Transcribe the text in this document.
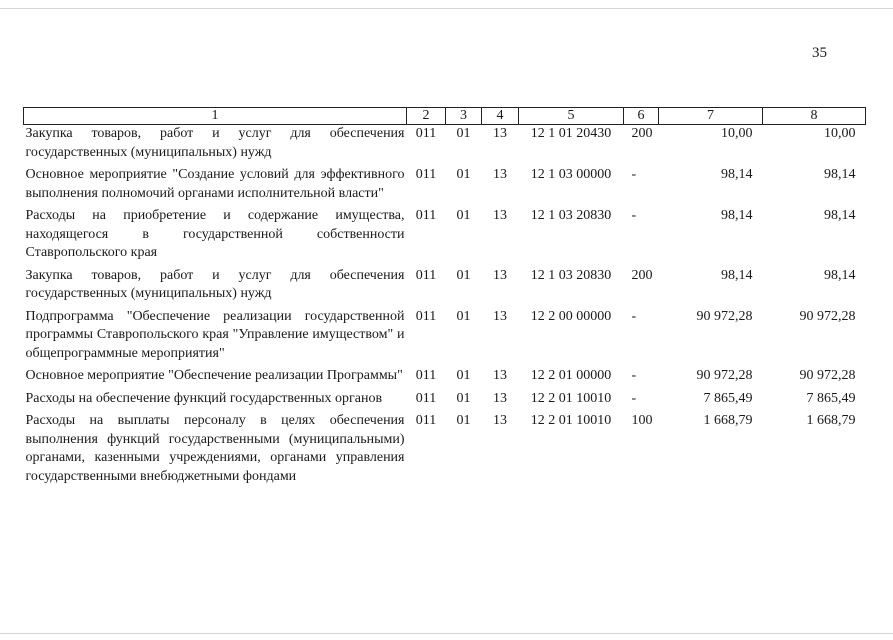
35
1	2	3	4	5	6	7	8
Закупка товаров, работ и услуг для обеспечения государственных (муниципальных) нужд	011	01	13	12 1 01 20430	200	10,00	10,00
Основное мероприятие "Создание условий для эффективного выполнения полномочий органами исполнительной власти"	011	01	13	12 1 03 00000	-	98,14	98,14
Расходы на приобретение и содержание имущества, находящегося в государственной собственности Ставропольского края	011	01	13	12 1 03 20830	-	98,14	98,14
Закупка товаров, работ и услуг для обеспечения государственных (муниципальных) нужд	011	01	13	12 1 03 20830	200	98,14	98,14
Подпрограмма "Обеспечение реализации государственной программы Ставропольского края "Управление имуществом" и общепрограммные мероприятия"	011	01	13	12 2 00 00000	-	90 972,28	90 972,28
Основное мероприятие "Обеспечение реализации Программы"	011	01	13	12 2 01 00000	-	90 972,28	90 972,28
Расходы на обеспечение функций государственных органов	011	01	13	12 2 01 10010	-	7 865,49	7 865,49
Расходы на выплаты персоналу в целях обеспечения выполнения функций государственными (муниципальными) органами, казенными учреждениями, органами управления государственными внебюджетными фондами	011	01	13	12 2 01 10010	100	1 668,79	1 668,79
